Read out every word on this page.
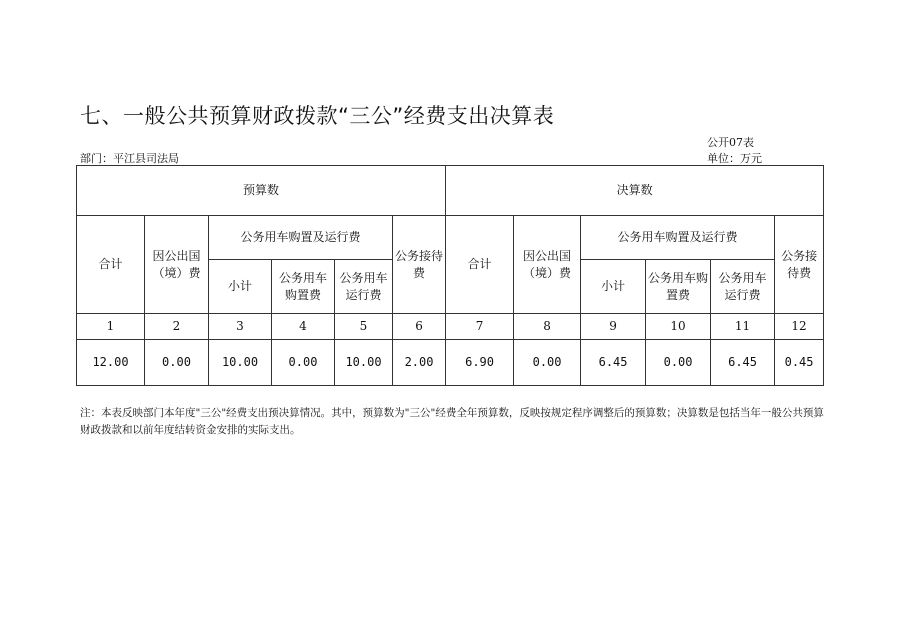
七、一般公共预算财政拨款“三公”经费支出决算表
公开07表
部门：平江县司法局	单位：万元
预算数						决算数					
合计	因公出国（境）费	公务用车购置及运行费			公务接待费	合计	因公出国（境）费	公务用车购置及运行费			公务接待费
		小计	公务用车购置费	公务用车运行费				小计	公务用车购置费	公务用车运行费	
1	2	3	4	5	6	7	8	9	10	11	12
12.00	0.00	10.00	0.00	10.00	2.00	6.90	0.00	6.45	0.00	6.45	0.45
注：本表反映部门本年度"三公"经费支出预决算情况。其中，预算数为"三公"经费全年预算数，反映按规定程序调整后的预算数；决算数是包括当年一般公共预算财政拨款和以前年度结转资金安排的实际支出。
